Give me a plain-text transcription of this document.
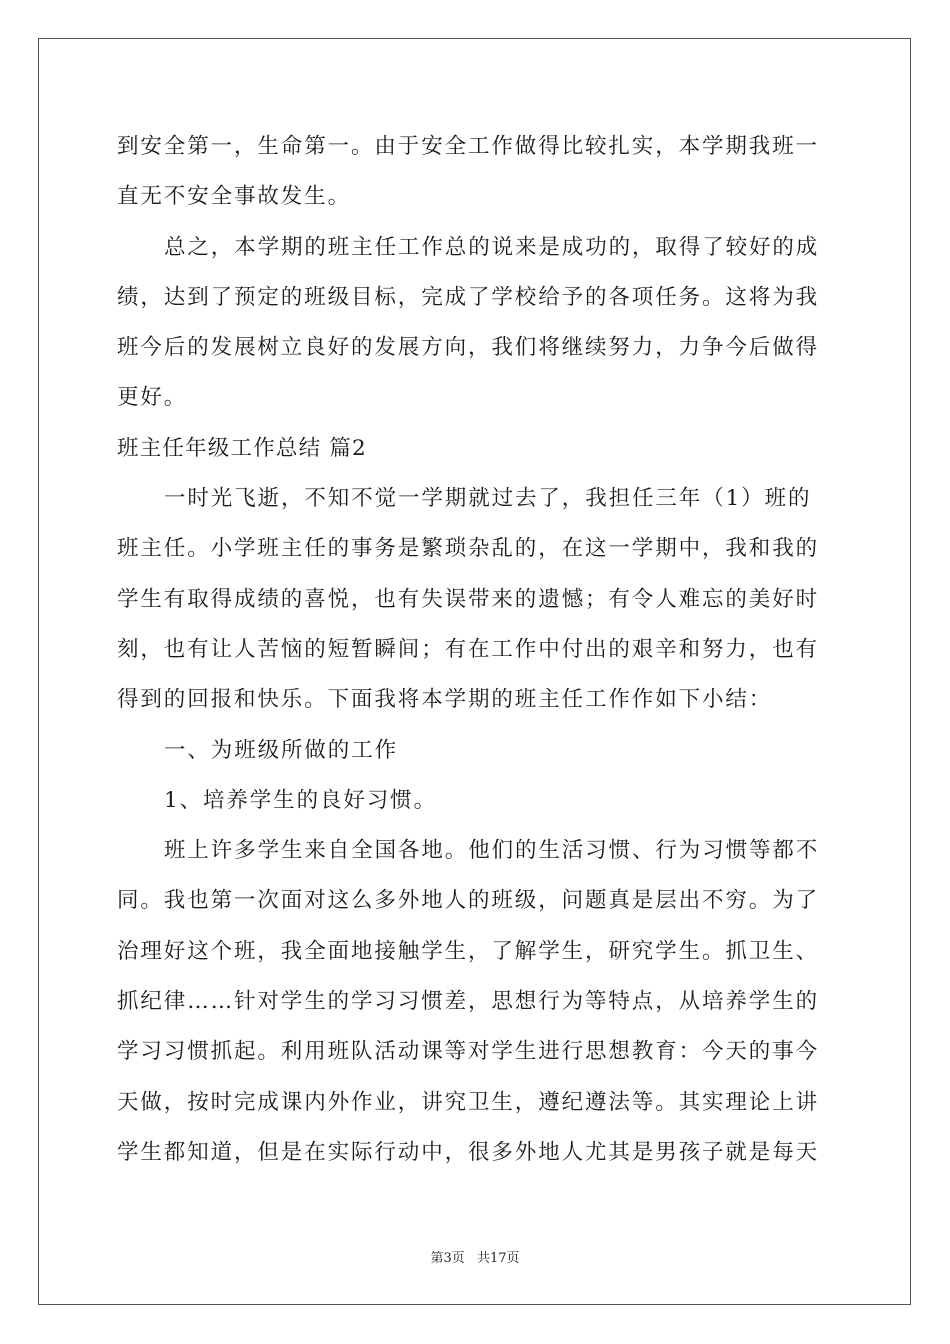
到安全第一，生命第一。由于安全工作做得比较扎实，本学期我班一
直无不安全事故发生。
总之，本学期的班主任工作总的说来是成功的，取得了较好的成
绩，达到了预定的班级目标，完成了学校给予的各项任务。这将为我
班今后的发展树立良好的发展方向，我们将继续努力，力争今后做得
更好。
班主任年级工作总结 篇2
一时光飞逝，不知不觉一学期就过去了，我担任三年（1）班的
班主任。小学班主任的事务是繁琐杂乱的，在这一学期中，我和我的
学生有取得成绩的喜悦，也有失误带来的遗憾；有令人难忘的美好时
刻，也有让人苦恼的短暂瞬间；有在工作中付出的艰辛和努力，也有
得到的回报和快乐。下面我将本学期的班主任工作作如下小结：
一、为班级所做的工作
1、培养学生的良好习惯。
班上许多学生来自全国各地。他们的生活习惯、行为习惯等都不
同。我也第一次面对这么多外地人的班级，问题真是层出不穷。为了
治理好这个班，我全面地接触学生，了解学生，研究学生。抓卫生、
抓纪律……针对学生的学习习惯差，思想行为等特点，从培养学生的
学习习惯抓起。利用班队活动课等对学生进行思想教育：今天的事今
天做，按时完成课内外作业，讲究卫生，遵纪遵法等。其实理论上讲
学生都知道，但是在实际行动中，很多外地人尤其是男孩子就是每天
第3页 共17页
